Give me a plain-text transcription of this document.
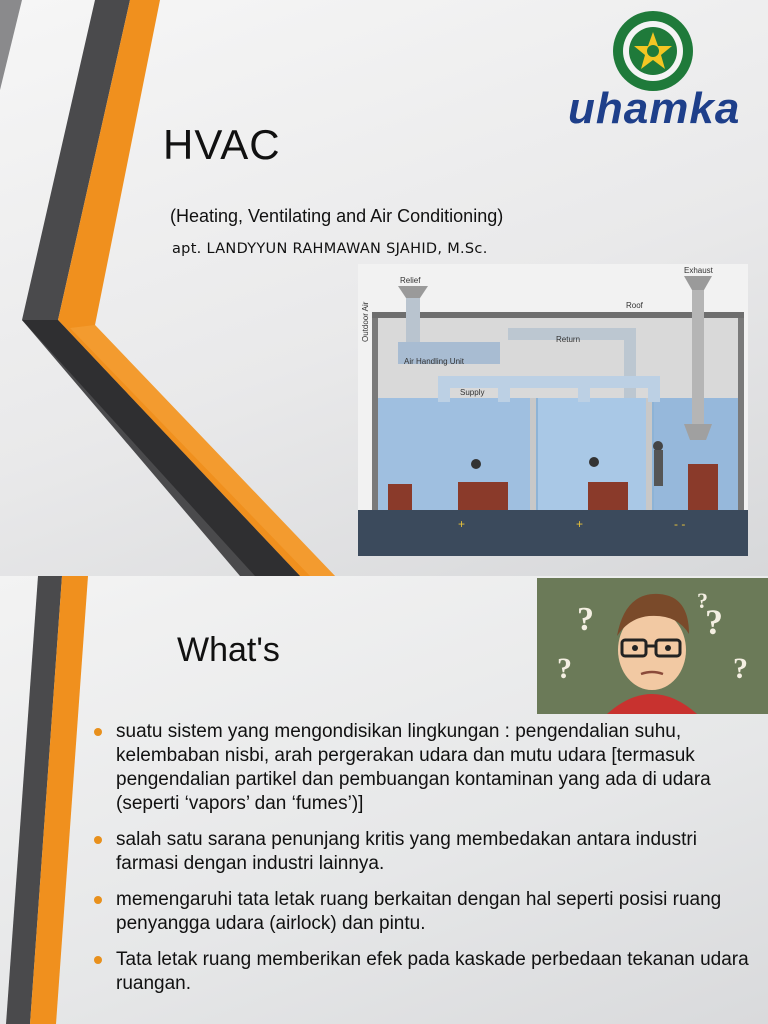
HVAC
(Heating, Ventilating and Air Conditioning)
apt. LANDYYUN RAHMAWAN SJAHID, M.Sc.
uhamka
Relief
Exhaust
Roof
Outdoor Air	Return
Air Handling Unit
Supply
+	+	- -
What's
?
?
?
?
?
suatu sistem yang mengondisikan lingkungan : pengendalian suhu, kelembaban nisbi, arah pergerakan udara dan mutu udara [termasuk pengendalian partikel dan pembuangan kontaminan yang ada di udara (seperti ‘vapors’ dan ‘fumes’)]
salah satu sarana penunjang kritis yang membedakan antara industri farmasi dengan industri lainnya.
memengaruhi tata letak ruang berkaitan dengan hal seperti posisi ruang penyangga udara (airlock) dan pintu.
Tata letak ruang memberikan efek pada kaskade perbedaan tekanan udara ruangan.
